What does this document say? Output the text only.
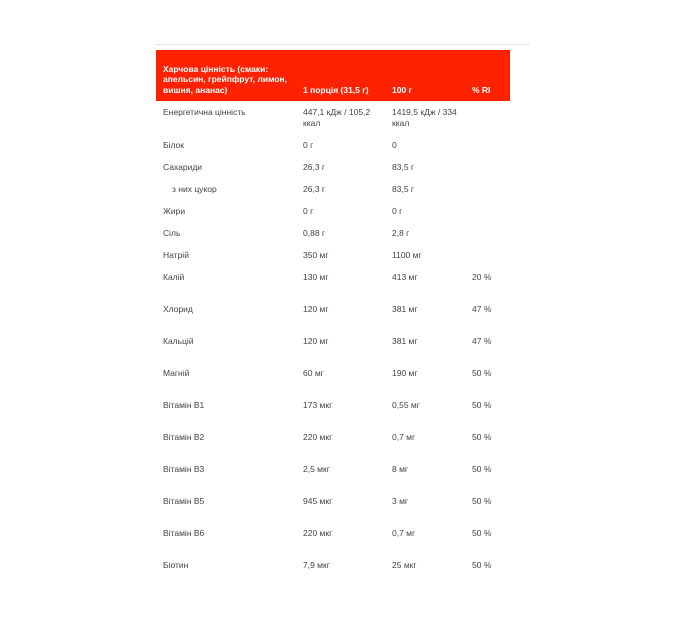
Харчова цінність (смаки: апельсин, грейпфрут, лимон, вишня, ананас)	1 порція (31,5 г)	100 г	% RI
Енергетична цінність	447,1 кДж / 105,2 ккал	1419,5 кДж / 334 ккал	
Білок	0 г	0	
Сахариди	26,3 г	83,5 г	
з них цукор	26,3 г	83,5 г	
Жири	0 г	0 г	
Сіль	0,88 г	2,8 г	
Натрій	350 мг	1100 мг	
Калій	130 мг	413 мг	20 %
Хлорид	120 мг	381 мг	47 %
Кальцій	120 мг	381 мг	47 %
Магній	60 мг	190 мг	50 %
Вітамін В1	173 мкг	0,55 мг	50 %
Вітамін В2	220 мкг	0,7 мг	50 %
Вітамін В3	2,5 мкг	8 мг	50 %
Вітамін В5	945 мкг	3 мг	50 %
Вітамін В6	220 мкг	0,7 мг	50 %
Біотин	7,9 мкг	25 мкг	50 %
